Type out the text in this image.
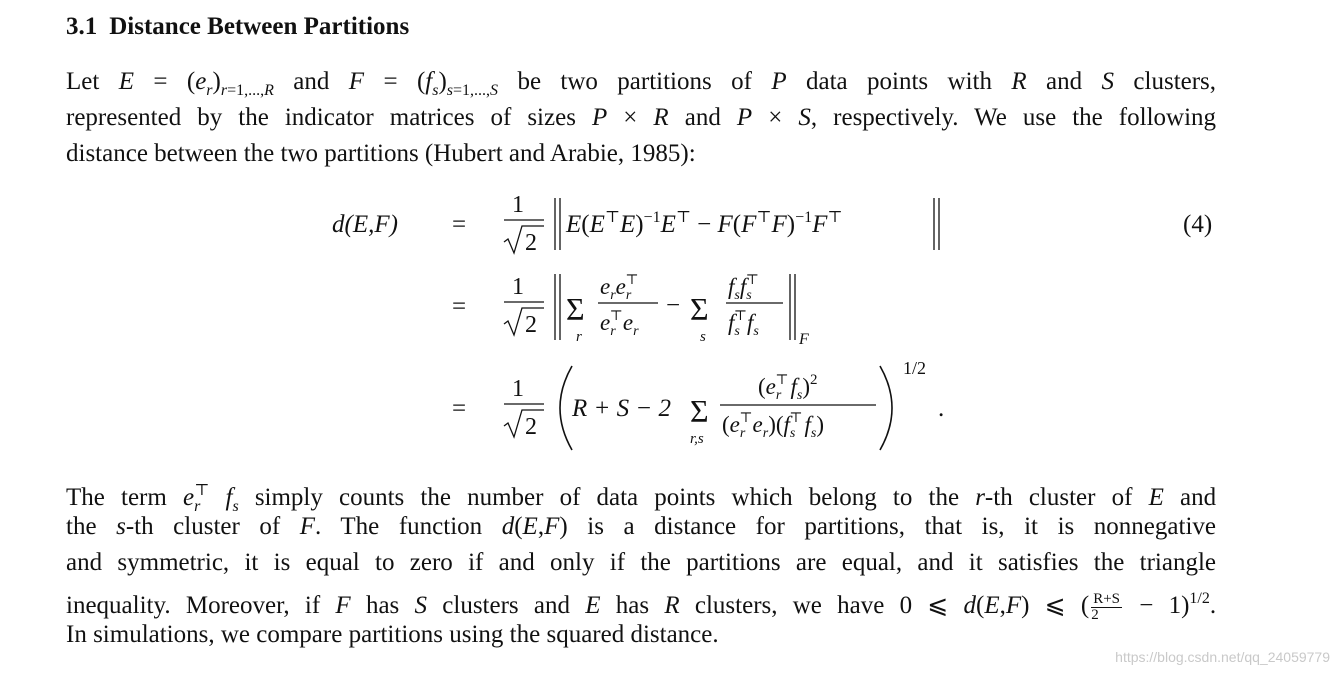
3.1 Distance Between Partitions
Let $E = (e_r)_{r=1,...,R}$ and $F = (f_s)_{s=1,...,S}$ be two partitions of P data points with R and S clusters,
represented by the indicator matrices of sizes P × R and P × S, respectively. We use the following
distance between the two partitions (Hubert and Arabie, 1985):
d(E,F) =
1
2
$E(E^⊤E)^{-1}E^⊤ - F(F^⊤F)^{-1}F^⊤$	(4)
=
1
2 Σ
r
$e_re_r⊤$
$e_r⊤e_r$
− Σ
s
$f_sf_s⊤$
$f_s⊤f_s$	F
=
1
2
R + S − 2 Σ
r,s
$(e_r⊤f_s)^2$
$(e_r⊤e_r)(f_s⊤f_s)$
1/2
.
The term $e_r^⊤$ $f_s$ simply counts the number of data points which belong to the r-th cluster of E and
the s-th cluster of F. The function d(E,F) is a distance for partitions, that is, it is nonnegative
and symmetric, it is equal to zero if and only if the partitions are equal, and it satisfies the triangle
inequality. Moreover, if F has S clusters and E has R clusters, we have 0 ⩽ d(E,F) ⩽ ( $\frac{R+S}{2} - 1)^{1/2}$.
In simulations, we compare partitions using the squared distance.
https://blog.csdn.net/qq_24059779
